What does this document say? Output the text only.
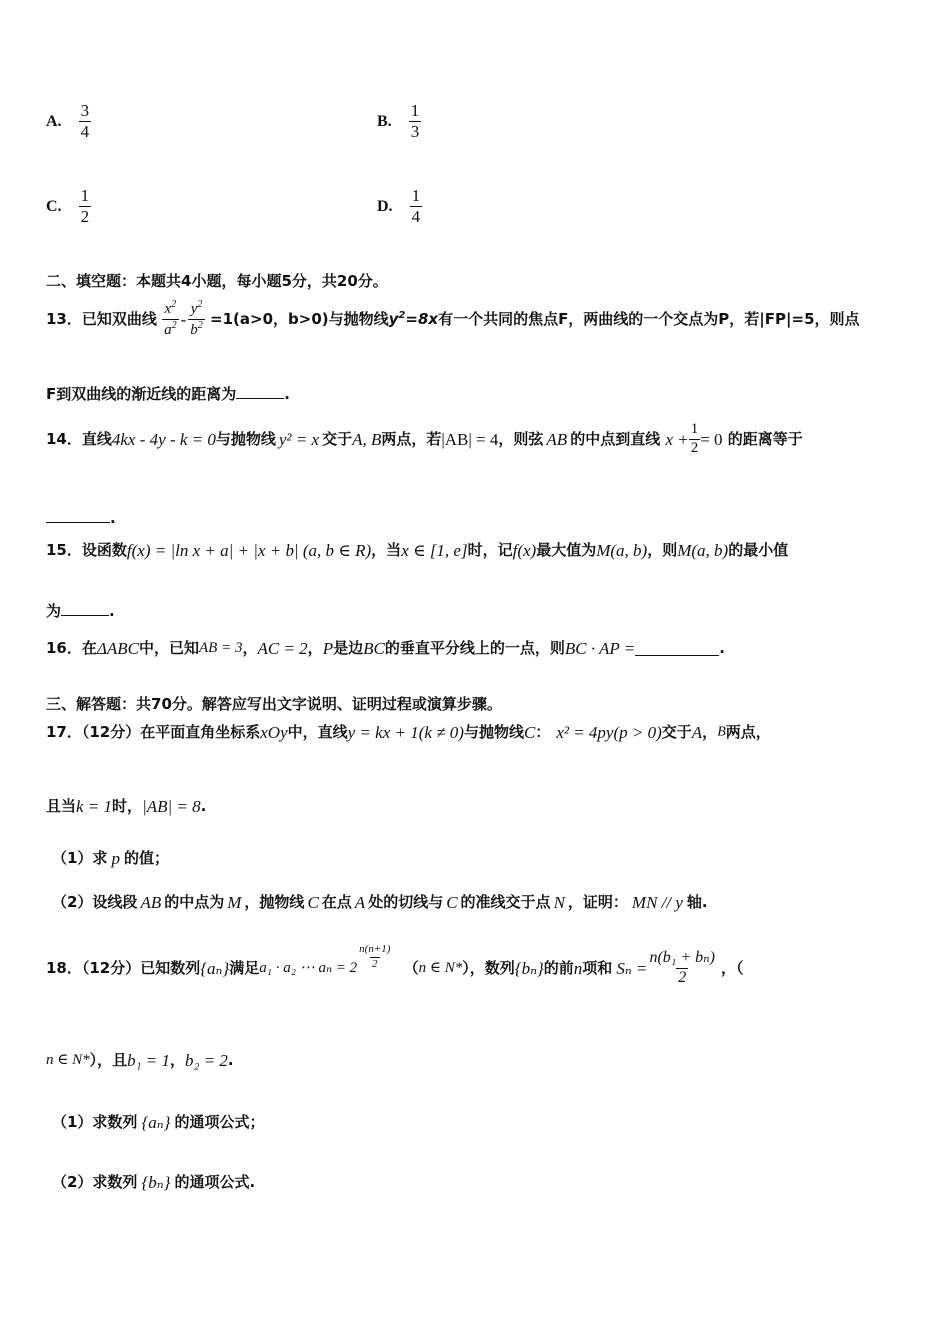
A. $\frac{3}{4}$	B. $\frac{1}{3}$
C. $\frac{1}{2}$	D. $\frac{1}{4}$
二、填空题：本题共4小题，每小题5分，共20分。
13．已知双曲线 $\frac{x^2}{a^2} - \frac{y^2}{b^2} =1(a>0$，b>0)与抛物线$y^2=8x$有一个共同的焦点F，两曲线的一个交点为P，若|FP|=5，则点
F到双曲线的渐近线的距离为	.
14．直线4kx - 4y - k = 0与抛物线 y² = x 交于A, B两点，若|AB| = 4，则弦 AB 的中点到直线 $x + \frac{1}{2} = 0$ 的距离等于
.
15．设函数f(x) = |ln x + a| + |x + b| (a, b ∈ R)，当x ∈ [1, e]时，记f(x)最大值为M(a, b)，则M(a, b)的最小值
为	.
16．在ΔABC中，已知AB = 3，AC = 2，P是边BC的垂直平分线上的一点，则BC · AP =	.
三、解答题：共70分。解答应写出文字说明、证明过程或演算步骤。
17．（12分）在平面直角坐标系xOy中，直线y = kx + 1(k ≠ 0)与抛物线C： x² = 4py(p > 0)交于A，B两点，
且当k = 1时，|AB| = 8.
（1）求 p 的值；
（2）设线段 AB 的中点为 M ，抛物线 C 在点 A 处的切线与 C 的准线交于点 N ，证明： MN // y 轴.
18．（12分）已知数列{aₙ}满足a₁ · a₂ ⋯ $a_n = 2 \frac{n(n+1)}{2} (n$ ∈ N*），数列{bₙ}的前n项和 $S_n = \frac{\text{n(b₁ + bₙ)}}{2}$ ，（
n ∈ N*），且b₁ = 1，b₂ = 2.
（1）求数列 {aₙ} 的通项公式；
（2）求数列 {bₙ} 的通项公式.
